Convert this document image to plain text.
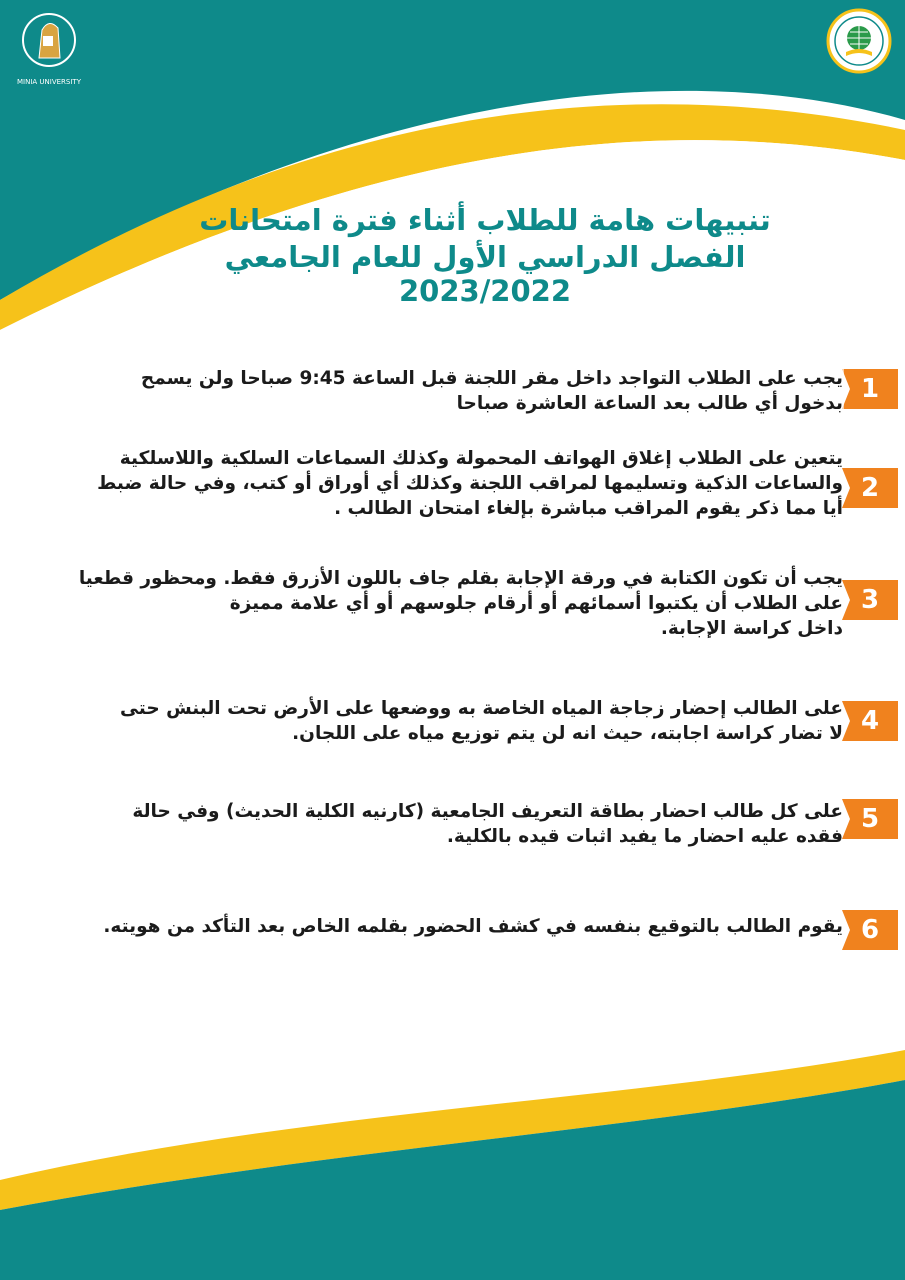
MINIA UNIVERSITY
تنبيهات هامة للطلاب أثناء فترة امتحانات
الفصل الدراسي الأول للعام الجامعي 2023/2022
1
يجب على الطلاب التواجد داخل مقر اللجنة قبل الساعة 9:45 صباحا ولن يسمح
بدخول أي طالب بعد الساعة العاشرة صباحا
2
يتعين على الطلاب إغلاق الهواتف المحمولة وكذلك السماعات السلكية واللاسلكية
والساعات الذكية وتسليمها لمراقب اللجنة وكذلك أي أوراق أو كتب، وفي حالة ضبط
أيا مما ذكر يقوم المراقب مباشرة بإلغاء امتحان الطالب .
3
يجب أن تكون الكتابة في ورقة الإجابة بقلم جاف باللون الأزرق فقط. ومحظور قطعيا
على الطلاب أن يكتبوا أسمائهم أو أرقام جلوسهم أو أي علامة مميزة
داخل كراسة الإجابة.
4
على الطالب إحضار زجاجة المياه الخاصة به ووضعها على الأرض تحت البنش حتى
لا تضار كراسة اجابته، حيث انه لن يتم توزيع مياه على اللجان.
5
على كل طالب احضار بطاقة التعريف الجامعية (كارنيه الكلية الحديث) وفي حالة
فقده عليه احضار ما يفيد اثبات قيده بالكلية.
6
يقوم الطالب بالتوقيع بنفسه في كشف الحضور بقلمه الخاص بعد التأكد من هويته.
